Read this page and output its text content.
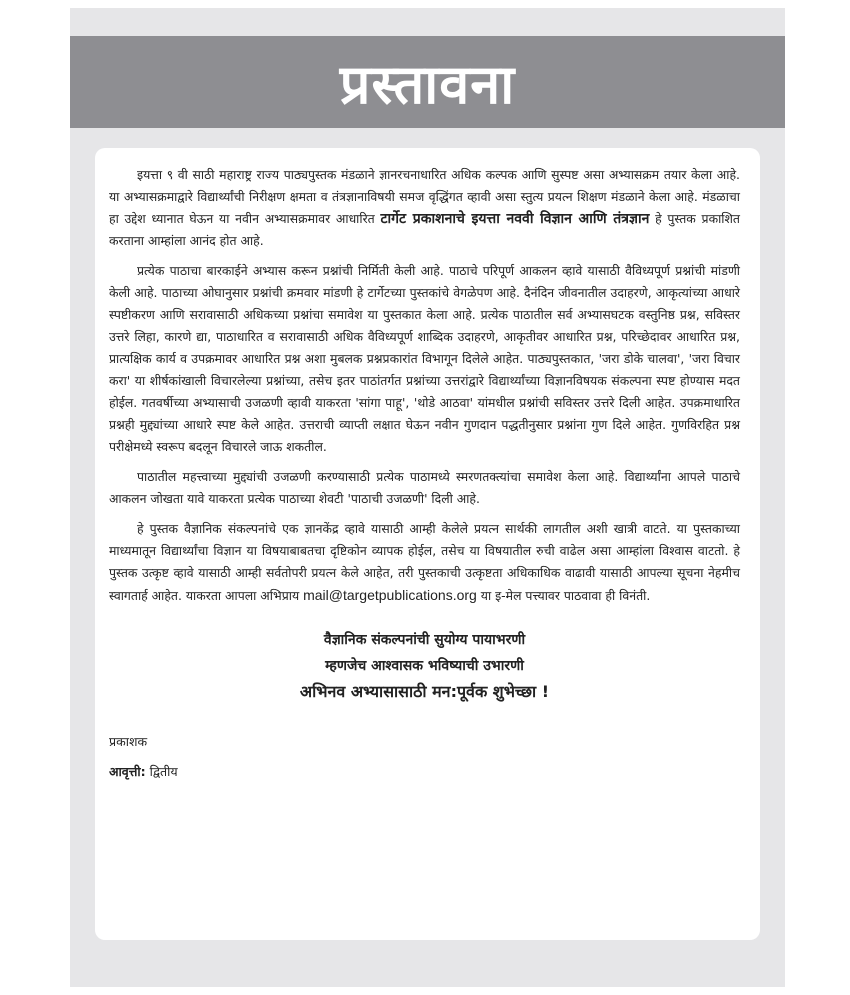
प्रस्तावना

इयत्ता ९ वी साठी महाराष्ट्र राज्य पाठ्यपुस्तक मंडळाने ज्ञानरचनाधारित अधिक कल्पक आणि सुस्पष्ट असा अभ्यासक्रम तयार केला आहे. या अभ्यासक्रमाद्वारे विद्यार्थ्यांची निरीक्षण क्षमता व तंत्रज्ञानाविषयी समज वृद्धिंगत व्हावी असा स्तुत्य प्रयत्न शिक्षण मंडळाने केला आहे. मंडळाचा हा उद्देश ध्यानात घेऊन या नवीन अभ्यासक्रमावर आधारित टार्गेट प्रकाशनाचे इयत्ता नववी विज्ञान आणि तंत्रज्ञान हे पुस्तक प्रकाशित करताना आम्हांला आनंद होत आहे.

प्रत्येक पाठाचा बारकाईने अभ्यास करून प्रश्नांची निर्मिती केली आहे. पाठाचे परिपूर्ण आकलन व्हावे यासाठी वैविध्यपूर्ण प्रश्नांची मांडणी केली आहे. पाठाच्या ओघानुसार प्रश्नांची क्रमवार मांडणी हे टार्गेटच्या पुस्तकांचे वेगळेपण आहे. दैनंदिन जीवनातील उदाहरणे, आकृत्यांच्या आधारे स्पष्टीकरण आणि सरावासाठी अधिकच्या प्रश्नांचा समावेश या पुस्तकात केला आहे. प्रत्येक पाठातील सर्व अभ्यासघटक वस्तुनिष्ठ प्रश्न, सविस्तर उत्तरे लिहा, कारणे द्या, पाठाधारित व सरावासाठी अधिक वैविध्यपूर्ण शाब्दिक उदाहरणे, आकृतीवर आधारित प्रश्न, परिच्छेदावर आधारित प्रश्न, प्रात्यक्षिक कार्य व उपक्रमावर आधारित प्रश्न अशा मुबलक प्रश्नप्रकारांत विभागून दिलेले आहेत. पाठ्यपुस्तकात, 'जरा डोके चालवा', 'जरा विचार करा' या शीर्षकांखाली विचारलेल्या प्रश्नांच्या, तसेच इतर पाठांतर्गत प्रश्नांच्या उत्तरांद्वारे विद्यार्थ्यांच्या विज्ञानविषयक संकल्पना स्पष्ट होण्यास मदत होईल. गतवर्षीच्या अभ्यासाची उजळणी व्हावी याकरता 'सांगा पाहू', 'थोडे आठवा' यांमधील प्रश्नांची सविस्तर उत्तरे दिली आहेत. उपक्रमाधारित प्रश्नही मुद्द्यांच्या आधारे स्पष्ट केले आहेत. उत्तराची व्याप्ती लक्षात घेऊन नवीन गुणदान पद्धतीनुसार प्रश्नांना गुण दिले आहेत. गुणविरहित प्रश्न परीक्षेमध्ये स्वरूप बदलून विचारले जाऊ शकतील.

पाठातील महत्त्वाच्या मुद्द्यांची उजळणी करण्यासाठी प्रत्येक पाठामध्ये स्मरणतक्त्यांचा समावेश केला आहे. विद्यार्थ्यांना आपले पाठाचे आकलन जोखता यावे याकरता प्रत्येक पाठाच्या शेवटी 'पाठाची उजळणी' दिली आहे.

हे पुस्तक वैज्ञानिक संकल्पनांचे एक ज्ञानकेंद्र व्हावे यासाठी आम्ही केलेले प्रयत्न सार्थकी लागतील अशी खात्री वाटते. या पुस्तकाच्या माध्यमातून विद्यार्थ्यांचा विज्ञान या विषयाबाबतचा दृष्टिकोन व्यापक होईल, तसेच या विषयातील रुची वाढेल असा आम्हांला विश्वास वाटतो. हे पुस्तक उत्कृष्ट व्हावे यासाठी आम्ही सर्वतोपरी प्रयत्न केले आहेत, तरी पुस्तकाची उत्कृष्टता अधिकाधिक वाढावी यासाठी आपल्या सूचना नेहमीच स्वागतार्ह आहेत. याकरता आपला अभिप्राय mail@targetpublications.org या इ-मेल पत्त्यावर पाठवावा ही विनंती.

वैज्ञानिक संकल्पनांची सुयोग्य पायाभरणी
म्हणजेच आश्वासक भविष्याची उभारणी
अभिनव अभ्यासासाठी मन:पूर्वक शुभेच्छा !
प्रकाशक
आवृत्ती: द्वितीय
